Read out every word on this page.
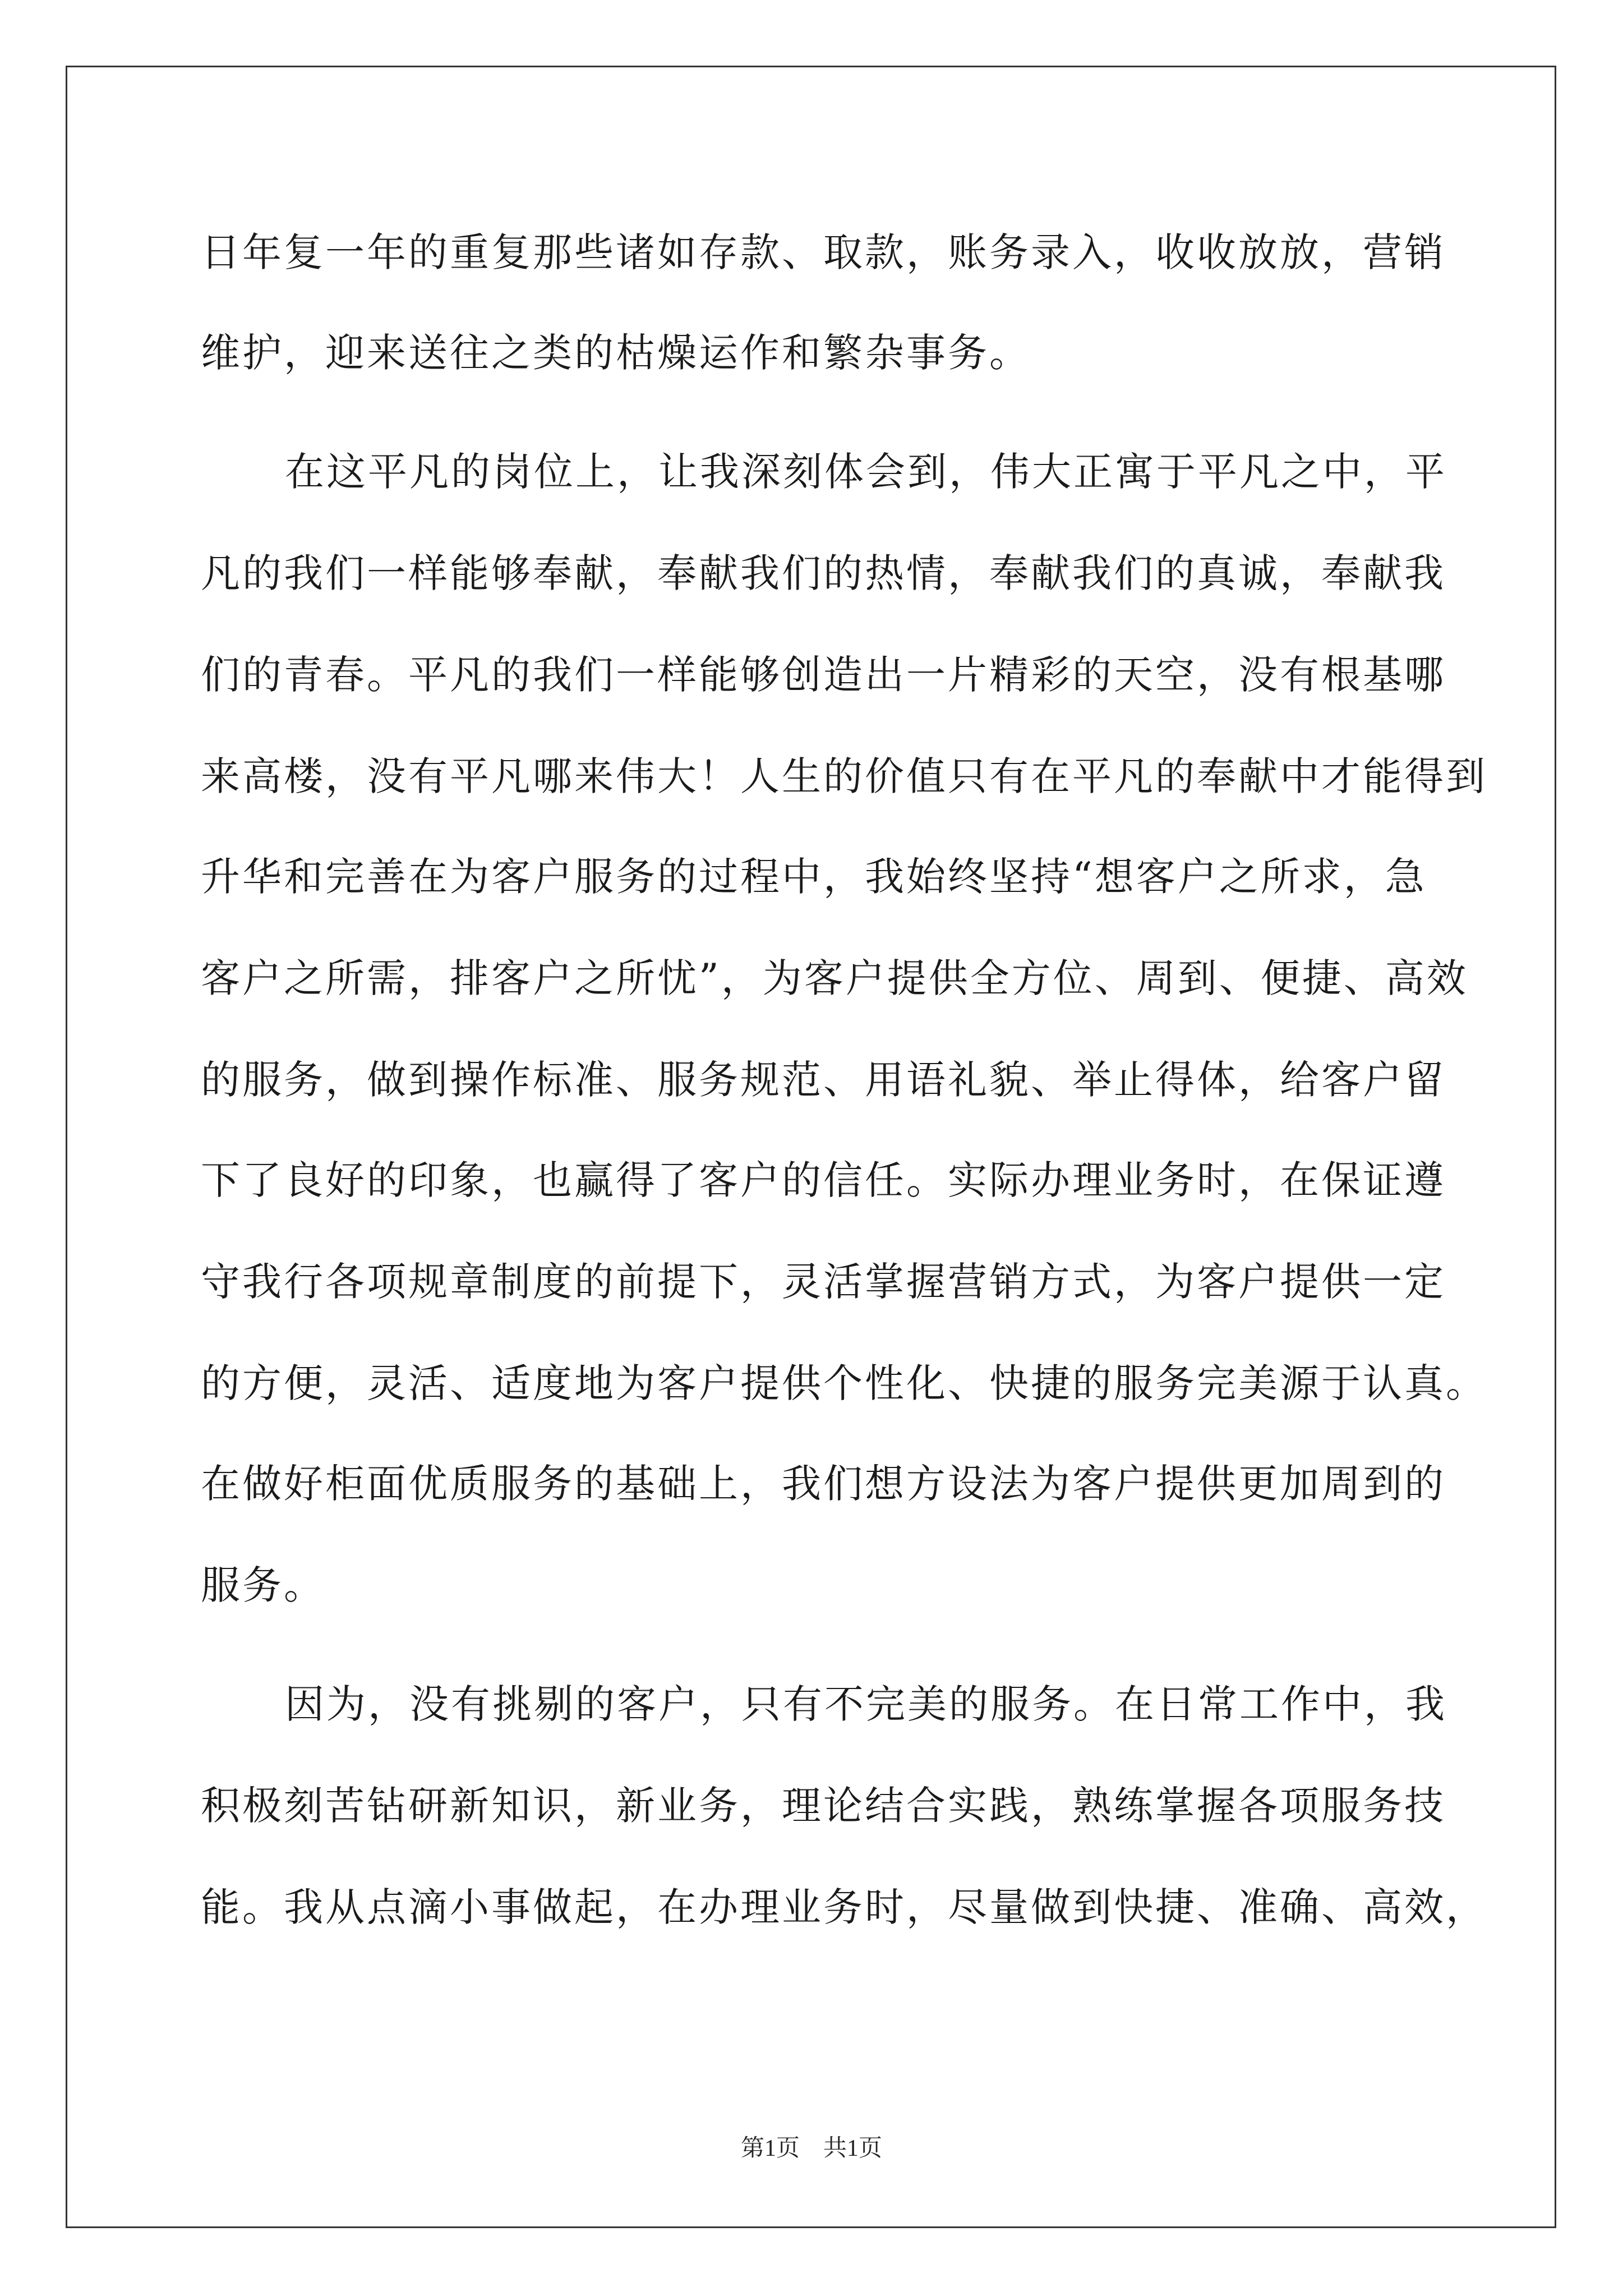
日年复一年的重复那些诸如存款、取款，账务录入，收收放放，营销
维护，迎来送往之类的枯燥运作和繁杂事务。
在这平凡的岗位上，让我深刻体会到，伟大正寓于平凡之中，平
凡的我们一样能够奉献，奉献我们的热情，奉献我们的真诚，奉献我
们的青春。平凡的我们一样能够创造出一片精彩的天空，没有根基哪
来高楼，没有平凡哪来伟大！人生的价值只有在平凡的奉献中才能得到
升华和完善在为客户服务的过程中，我始终坚持“想客户之所求，急
客户之所需，排客户之所忧”，为客户提供全方位、周到、便捷、高效
的服务，做到操作标准、服务规范、用语礼貌、举止得体，给客户留
下了良好的印象，也赢得了客户的信任。实际办理业务时，在保证遵
守我行各项规章制度的前提下，灵活掌握营销方式，为客户提供一定
的方便，灵活、适度地为客户提供个性化、快捷的服务完美源于认真。
在做好柜面优质服务的基础上，我们想方设法为客户提供更加周到的
服务。
因为，没有挑剔的客户，只有不完美的服务。在日常工作中，我
积极刻苦钻研新知识，新业务，理论结合实践，熟练掌握各项服务技
能。我从点滴小事做起，在办理业务时，尽量做到快捷、准确、高效，
第1页　共1页
